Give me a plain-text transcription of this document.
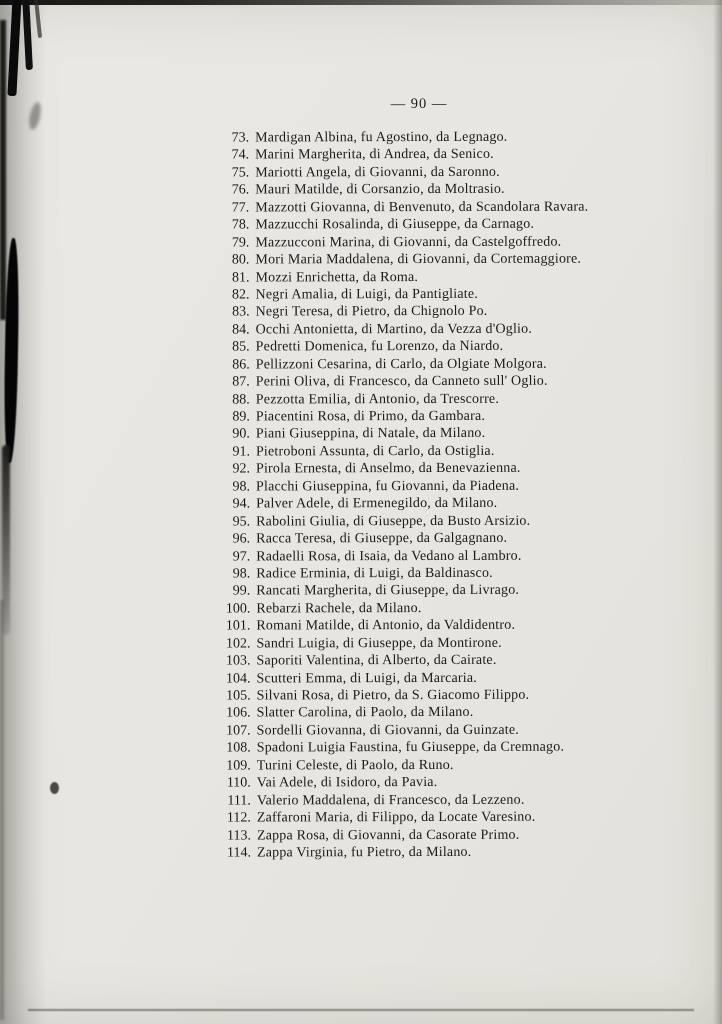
— 90 —
73. Mardigan Albina, fu Agostino, da Legnago.
74. Marini Margherita, di Andrea, da Senico.
75. Mariotti Angela, di Giovanni, da Saronno.
76. Mauri Matilde, di Corsanzio, da Moltrasio.
77. Mazzotti Giovanna, di Benvenuto, da Scandolara Ravara.
78. Mazzucchi Rosalinda, di Giuseppe, da Carnago.
79. Mazzucconi Marina, di Giovanni, da Castelgoffredo.
80. Mori Maria Maddalena, di Giovanni, da Cortemaggiore.
81. Mozzi Enrichetta, da Roma.
82. Negri Amalia, di Luigi, da Pantigliate.
83. Negri Teresa, di Pietro, da Chignolo Po.
84. Occhi Antonietta, di Martino, da Vezza d'Oglio.
85. Pedretti Domenica, fu Lorenzo, da Niardo.
86. Pellizzoni Cesarina, di Carlo, da Olgiate Molgora.
87. Perini Oliva, di Francesco, da Canneto sull' Oglio.
88. Pezzotta Emilia, di Antonio, da Trescorre.
89. Piacentini Rosa, di Primo, da Gambara.
90. Piani Giuseppina, di Natale, da Milano.
91. Pietroboni Assunta, di Carlo, da Ostiglia.
92. Pirola Ernesta, di Anselmo, da Benevazienna.
98. Placchi Giuseppina, fu Giovanni, da Piadena.
94. Palver Adele, di Ermenegildo, da Milano.
95. Rabolini Giulia, di Giuseppe, da Busto Arsizio.
96. Racca Teresa, di Giuseppe, da Galgagnano.
97. Radaelli Rosa, di Isaia, da Vedano al Lambro.
98. Radice Erminia, di Luigi, da Baldinasco.
99. Rancati Margherita, di Giuseppe, da Livrago.
100. Rebarzi Rachele, da Milano.
101. Romani Matilde, di Antonio, da Valdidentro.
102. Sandri Luigia, di Giuseppe, da Montirone.
103. Saporiti Valentina, di Alberto, da Cairate.
104. Scutteri Emma, di Luigi, da Marcaria.
105. Silvani Rosa, di Pietro, da S. Giacomo Filippo.
106. Slatter Carolina, di Paolo, da Milano.
107. Sordelli Giovanna, di Giovanni, da Guinzate.
108. Spadoni Luigia Faustina, fu Giuseppe, da Cremnago.
109. Turini Celeste, di Paolo, da Runo.
110. Vai Adele, di Isidoro, da Pavia.
111. Valerio Maddalena, di Francesco, da Lezzeno.
112. Zaffaroni Maria, di Filippo, da Locate Varesino.
113. Zappa Rosa, di Giovanni, da Casorate Primo.
114. Zappa Virginia, fu Pietro, da Milano.
